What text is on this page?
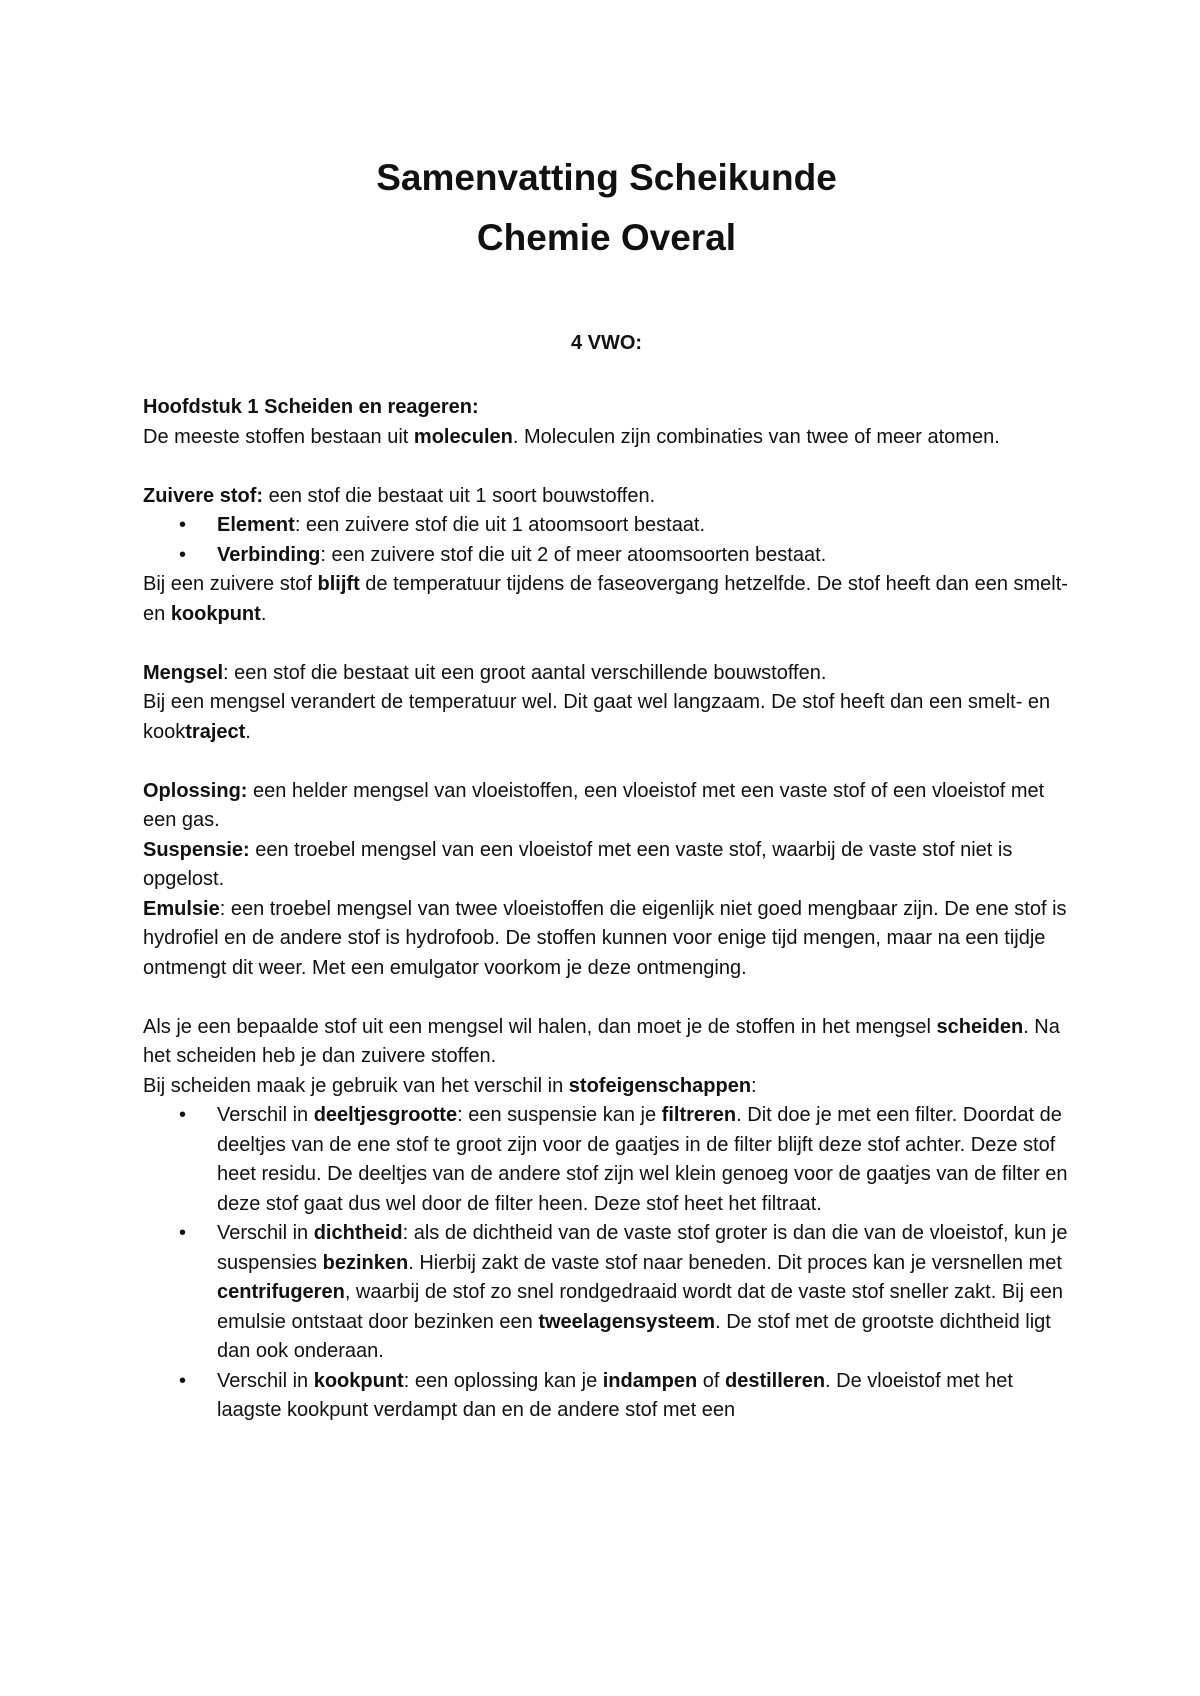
Samenvatting Scheikunde
Chemie Overal
4 VWO:

Hoofdstuk 1 Scheiden en reageren:

De meeste stoffen bestaan uit moleculen. Moleculen zijn combinaties van twee of meer atomen.

Zuivere stof: een stof die bestaat uit 1 soort bouwstoffen.

• Element: een zuivere stof die uit 1 atoomsoort bestaat.
• Verbinding: een zuivere stof die uit 2 of meer atoomsoorten bestaat.

Bij een zuivere stof blijft de temperatuur tijdens de faseovergang hetzelfde. De stof heeft dan een smelt- en kookpunt.

Mengsel: een stof die bestaat uit een groot aantal verschillende bouwstoffen.

Bij een mengsel verandert de temperatuur wel. Dit gaat wel langzaam. De stof heeft dan een smelt- en kooktraject.

Oplossing: een helder mengsel van vloeistoffen, een vloeistof met een vaste stof of een vloeistof met een gas.

Suspensie: een troebel mengsel van een vloeistof met een vaste stof, waarbij de vaste stof niet is opgelost.

Emulsie: een troebel mengsel van twee vloeistoffen die eigenlijk niet goed mengbaar zijn. De ene stof is hydrofiel en de andere stof is hydrofoob. De stoffen kunnen voor enige tijd mengen, maar na een tijdje ontmengt dit weer. Met een emulgator voorkom je deze ontmenging.

Als je een bepaalde stof uit een mengsel wil halen, dan moet je de stoffen in het mengsel scheiden. Na het scheiden heb je dan zuivere stoffen.

Bij scheiden maak je gebruik van het verschil in stofeigenschappen:

• Verschil in deeltjesgrootte: een suspensie kan je filtreren. Dit doe je met een filter. Doordat de deeltjes van de ene stof te groot zijn voor de gaatjes in de filter blijft deze stof achter. Deze stof heet residu. De deeltjes van de andere stof zijn wel klein genoeg voor de gaatjes van de filter en deze stof gaat dus wel door de filter heen. Deze stof heet het filtraat.
• Verschil in dichtheid: als de dichtheid van de vaste stof groter is dan die van de vloeistof, kun je suspensies bezinken. Hierbij zakt de vaste stof naar beneden. Dit proces kan je versnellen met centrifugeren, waarbij de stof zo snel rondgedraaid wordt dat de vaste stof sneller zakt. Bij een emulsie ontstaat door bezinken een tweelagensysteem. De stof met de grootste dichtheid ligt dan ook onderaan.
• Verschil in kookpunt: een oplossing kan je indampen of destilleren. De vloeistof met het laagste kookpunt verdampt dan en de andere stof met een
